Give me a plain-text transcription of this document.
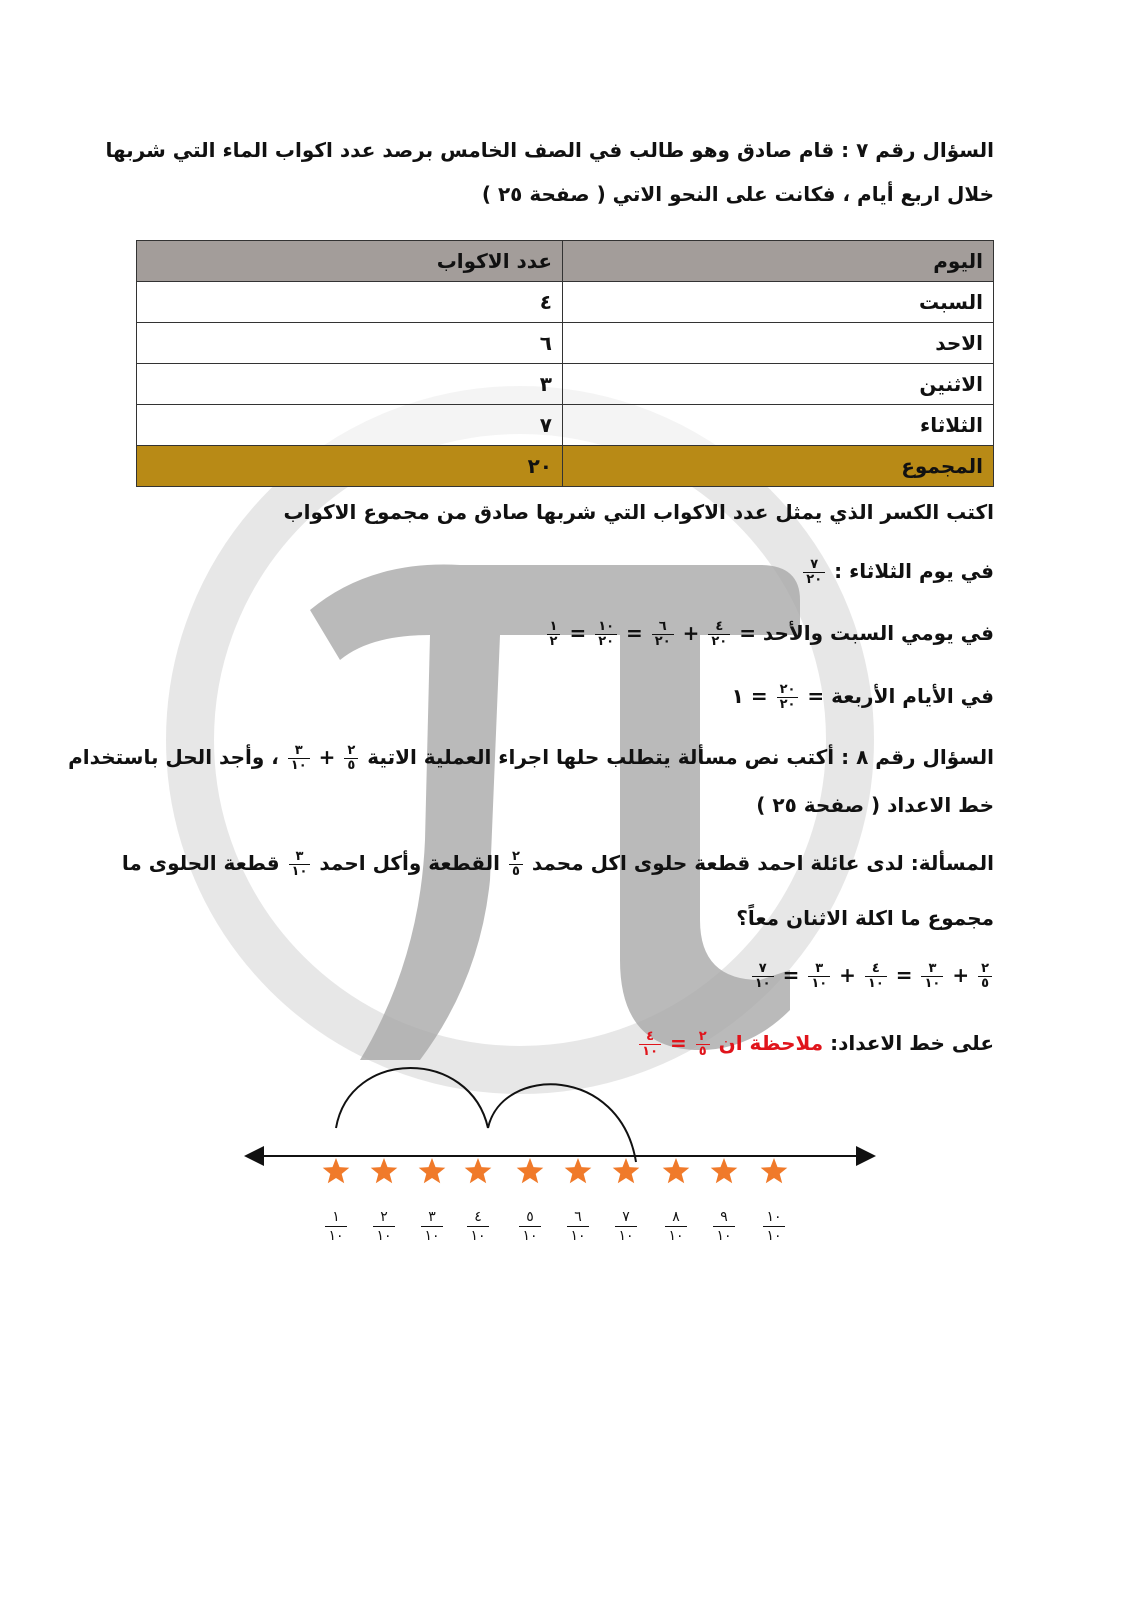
السؤال رقم ٧ : قام صادق وهو طالب في الصف الخامس برصد عدد اكواب الماء التي شربها
خلال اربع أيام ، فكانت على النحو الاتي ( صفحة ٢٥ )
اليوم	عدد الاكواب
السبت	٤
الاحد	٦
الاثنين	٣
الثلاثاء	٧
المجموع	٢٠
اكتب الكسر الذي يمثل عدد الاكواب التي شربها صادق من مجموع الاكواب
في يوم الثلاثاء :
$\frac{٧}{٢٠}$
في يومي السبت والأحد =
$\frac{٤}{٢٠}$
+
$\frac{٦}{٢٠}$
=
$\frac{١٠}{٢٠}$
=
$\frac{١}{٢}$
في الأيام الأربعة =
$\frac{٢٠}{٢٠}$
= ١
السؤال رقم ٨ : أكتب نص مسألة يتطلب حلها اجراء العملية الاتية
$\frac{٢}{٥}$
+
$\frac{٣}{١٠}$
، وأجد الحل باستخدام
خط الاعداد ( صفحة ٢٥ )
المسألة: لدى عائلة احمد قطعة حلوى اكل محمد
$\frac{٢}{٥}$
القطعة وأكل احمد
$\frac{٣}{١٠}$
قطعة الحلوى ما
مجموع ما اكلة الاثنان معاً؟
$\frac{٢}{٥}$
+
$\frac{٣}{١٠}$
=
$\frac{٤}{١٠}$
+
$\frac{٣}{١٠}$
=
$\frac{٧}{١٠}$
على خط الاعداد: ملاحظة ان
$\frac{٢}{٥}$
=
$\frac{٤}{١٠}$
١
١٠
٢
١٠
٣
١٠
٤
١٠
٥
١٠
٦
١٠
٧
١٠
٨
١٠
٩
١٠
١٠
١٠
